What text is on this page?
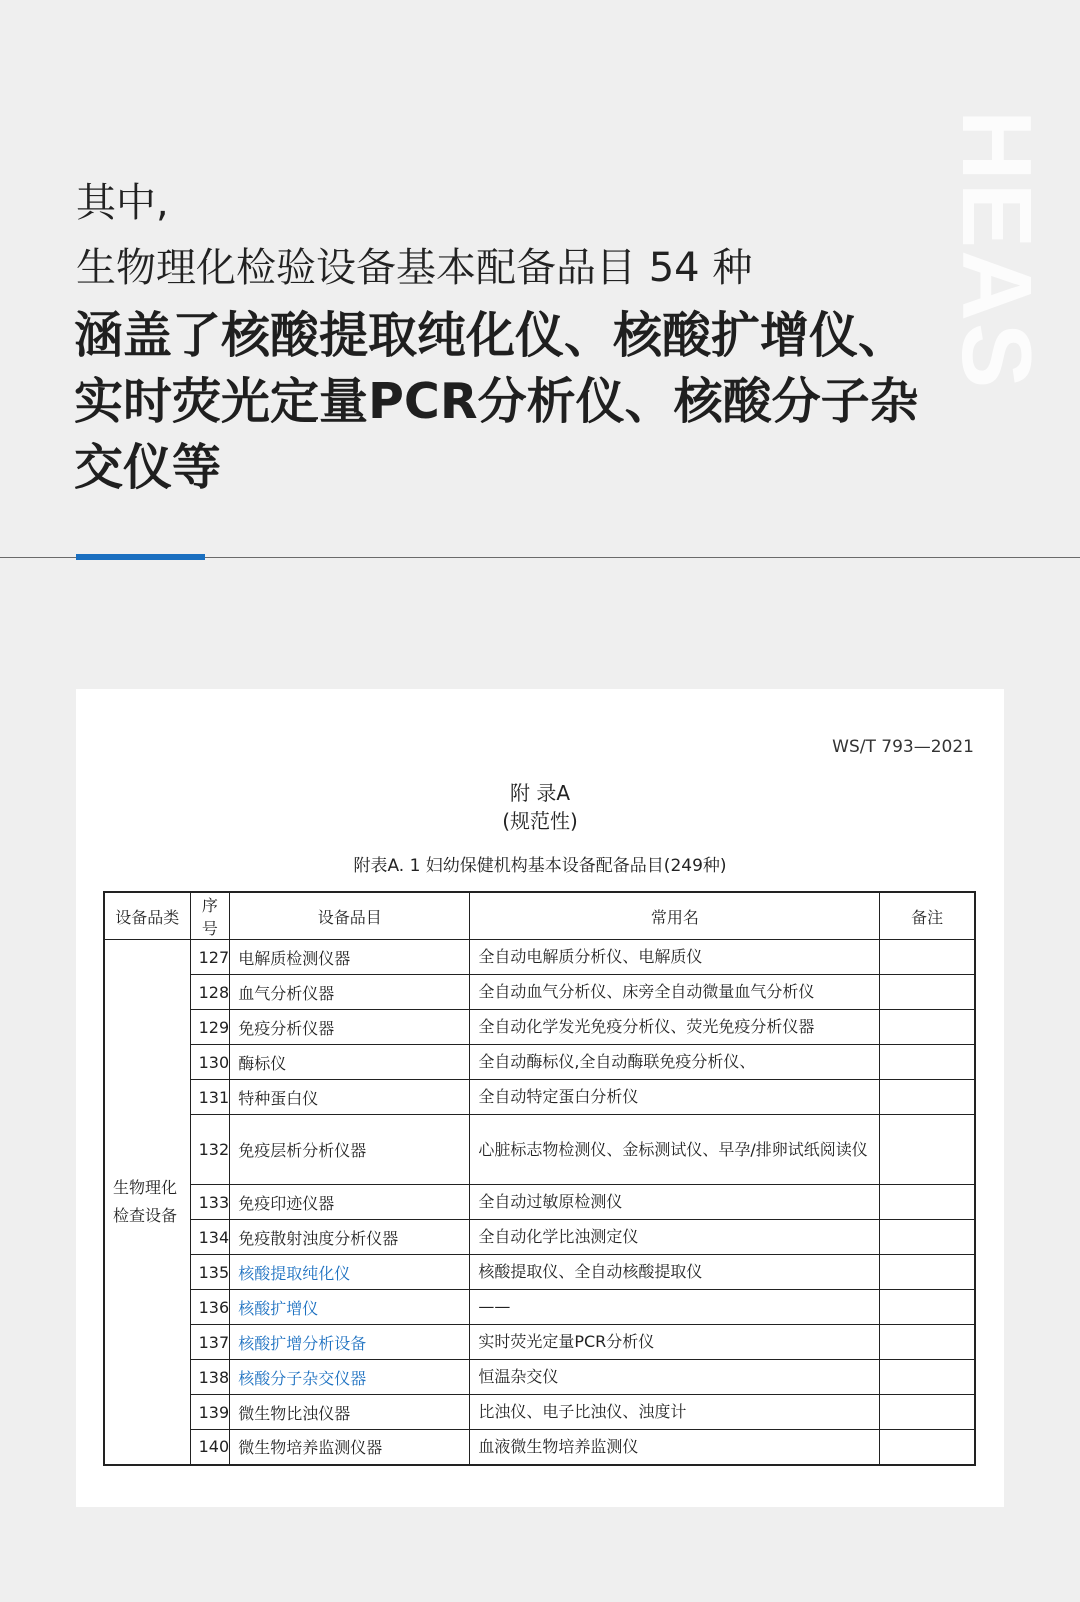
HEAS
其中,
生物理化检验设备基本配备品目 54 种
涵盖了核酸提取纯化仪、核酸扩增仪、实时荧光定量PCR分析仪、核酸分子杂交仪等
WS/T 793—2021
附 录A
(规范性)
附表A. 1 妇幼保健机构基本设备配备品目(249种)
设备品类	序号	设备品目	常用名	备注
生物理化检查设备	127	电解质检测仪器	全自动电解质分析仪、电解质仪	
	128	血气分析仪器	全自动血气分析仪、床旁全自动微量血气分析仪	
	129	免疫分析仪器	全自动化学发光免疫分析仪、荧光免疫分析仪器	
	130	酶标仪	全自动酶标仪,全自动酶联免疫分析仪、	
	131	特种蛋白仪	全自动特定蛋白分析仪	
	132	免疫层析分析仪器	心脏标志物检测仪、金标测试仪、早孕/排卵试纸阅读仪	
	133	免疫印迹仪器	全自动过敏原检测仪	
	134	免疫散射浊度分析仪器	全自动化学比浊测定仪	
	135	核酸提取纯化仪	核酸提取仪、全自动核酸提取仪	
	136	核酸扩增仪	——	
	137	核酸扩增分析设备	实时荧光定量PCR分析仪	
	138	核酸分子杂交仪器	恒温杂交仪	
	139	微生物比浊仪器	比浊仪、电子比浊仪、浊度计	
	140	微生物培养监测仪器	血液微生物培养监测仪	
